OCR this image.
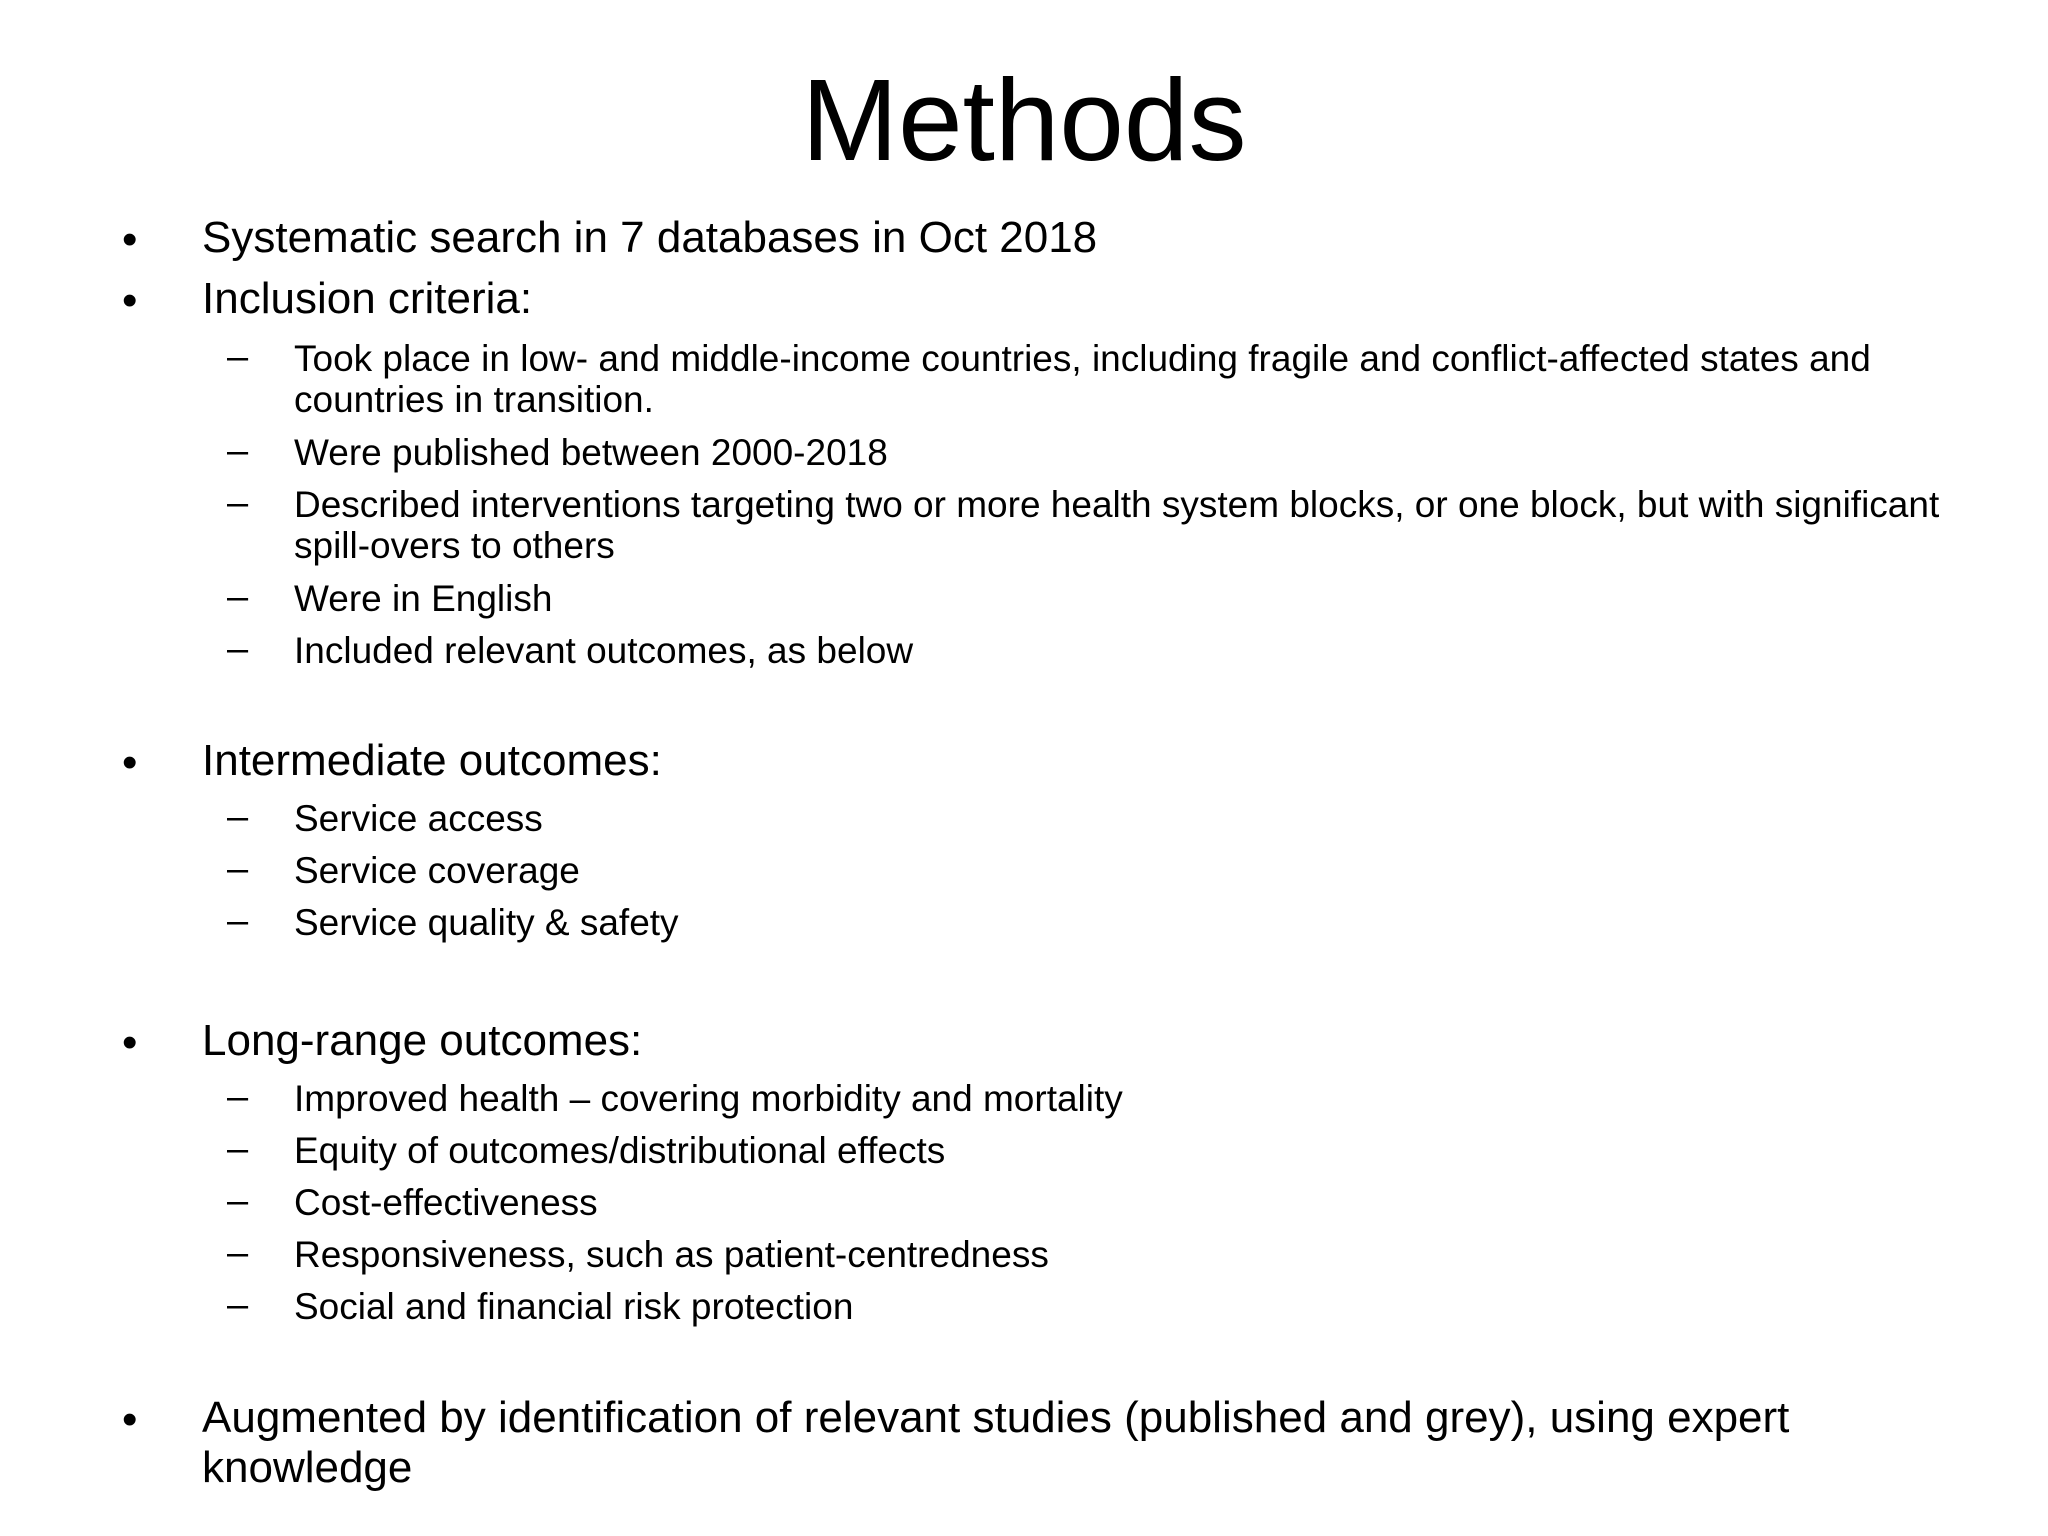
Methods
• Systematic search in 7 databases in Oct 2018
• Inclusion criteria:
– Took place in low- and middle-income countries, including fragile and conflict-affected states and countries in transition.
– Were published between 2000-2018
– Described interventions targeting two or more health system blocks, or one block, but with significant spill-overs to others
– Were in English
– Included relevant outcomes, as below
• Intermediate outcomes:
– Service access
– Service coverage
– Service quality & safety
• Long-range outcomes:
– Improved health – covering morbidity and mortality
– Equity of outcomes/distributional effects
– Cost-effectiveness
– Responsiveness, such as patient-centredness
– Social and financial risk protection
• Augmented by identification of relevant studies (published and grey), using expert knowledge
